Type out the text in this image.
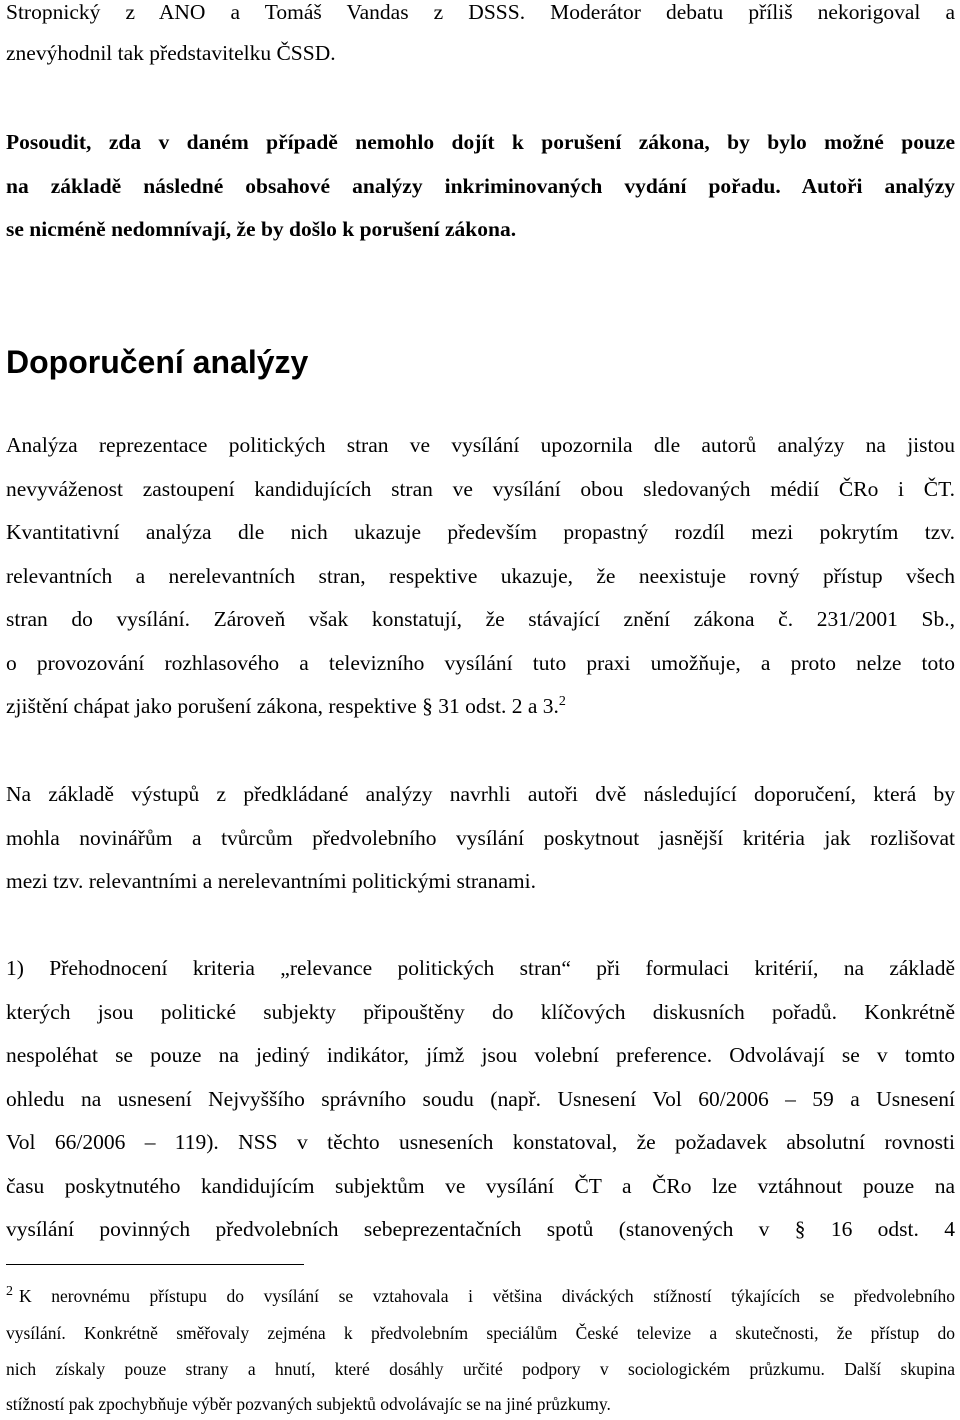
Stropnický z ANO a Tomáš Vandas z DSSS. Moderátor debatu příliš nekorigoval a
znevýhodnil tak představitelku ČSSD.
Posoudit, zda v daném případě nemohlo dojít k porušení zákona, by bylo možné pouze
na základě následné obsahové analýzy inkriminovaných vydání pořadu. Autoři analýzy
se nicméně nedomnívají, že by došlo k porušení zákona.
Doporučení analýzy
Analýza reprezentace politických stran ve vysílání upozornila dle autorů analýzy na jistou
nevyváženost zastoupení kandidujících stran ve vysílání obou sledovaných médií ČRo i ČT.
Kvantitativní analýza dle nich ukazuje především propastný rozdíl mezi pokrytím tzv.
relevantních a nerelevantních stran, respektive ukazuje, že neexistuje rovný přístup všech
stran do vysílání. Zároveň však konstatují, že stávající znění zákona č. 231/2001 Sb.,
o provozování rozhlasového a televizního vysílání tuto praxi umožňuje, a proto nelze toto
zjištění chápat jako porušení zákona, respektive § 31 odst. 2 a 3.$^2$
Na základě výstupů z předkládané analýzy navrhli autoři dvě následující doporučení, která by
mohla novinářům a tvůrcům předvolebního vysílání poskytnout jasnější kritéria jak rozlišovat
mezi tzv. relevantními a nerelevantními politickými stranami.
1) Přehodnocení kriteria „relevance politických stran“ při formulaci kritérií, na základě
kterých jsou politické subjekty připouštěny do klíčových diskusních pořadů. Konkrétně
nespoléhat se pouze na jediný indikátor, jímž jsou volební preference. Odvolávají se v tomto
ohledu na usnesení Nejvyššího správního soudu (např. Usnesení Vol 60/2006 – 59 a Usnesení
Vol 66/2006 – 119). NSS v těchto usneseních konstatoval, že požadavek absolutní rovnosti
času poskytnutého kandidujícím subjektům ve vysílání ČT a ČRo lze vztáhnout pouze na
vysílání povinných předvolebních sebeprezentačních spotů (stanovených v § 16 odst. 4
$^2$ K nerovnému přístupu do vysílání se vztahovala i většina diváckých stížností týkajících se předvolebního
vysílání. Konkrétně směřovaly zejména k předvolebním speciálům České televize a skutečnosti, že přístup do
nich získaly pouze strany a hnutí, které dosáhly určité podpory v sociologickém průzkumu. Další skupina
stížností pak zpochybňuje výběr pozvaných subjektů odvolávajíc se na jiné průzkumy.
